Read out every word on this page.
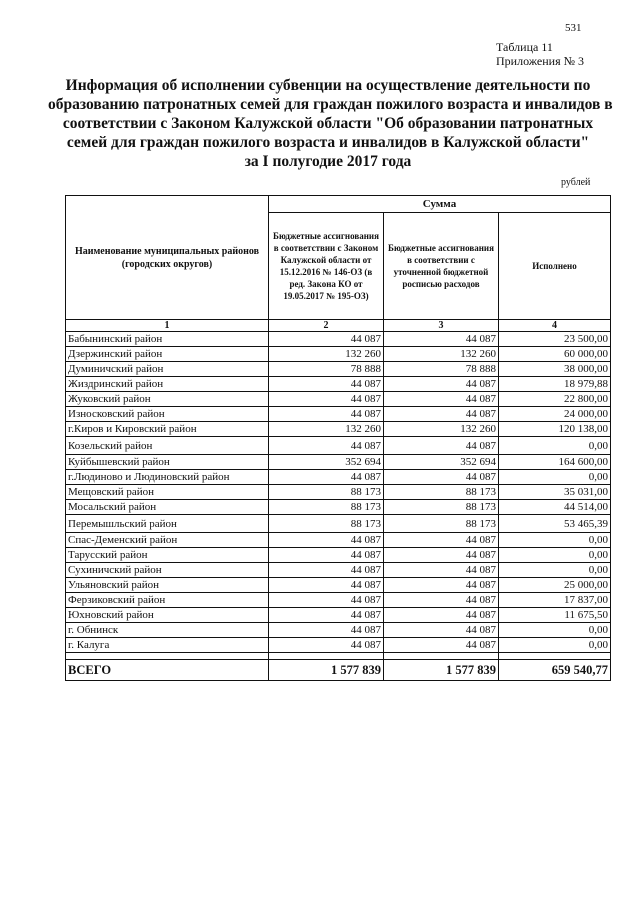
531
Таблица 11
Приложения № 3
Информация об исполнении субвенции на осуществление деятельности по
образованию патронатных семей для граждан пожилого возраста и инвалидов в
соответствии с Законом Калужской области "Об образовании патронатных
семей для граждан пожилого возраста и инвалидов в Калужской области"
за I полугодие 2017 года
рублей
Наименование муниципальных районов (городских округов)	Сумма		
	Бюджетные ассигнования в соответствии с Законом Калужской области от 15.12.2016 № 146-ОЗ (в ред. Закона КО от 19.05.2017 № 195-ОЗ)	Бюджетные ассигнования в соответствии с уточненной бюджетной росписью расходов	Исполнено
1	2	3	4
Бабынинский район	44 087	44 087	23 500,00
Дзержинский район	132 260	132 260	60 000,00
Думиничский район	78 888	78 888	38 000,00
Жиздринский район	44 087	44 087	18 979,88
Жуковский район	44 087	44 087	22 800,00
Износковский район	44 087	44 087	24 000,00
г.Киров и Кировский район	132 260	132 260	120 138,00
Козельский район	44 087	44 087	0,00
Куйбышевский район	352 694	352 694	164 600,00
г.Людиново и Людиновский район	44 087	44 087	0,00
Мещовский район	88 173	88 173	35 031,00
Мосальский район	88 173	88 173	44 514,00
Перемышльский район	88 173	88 173	53 465,39
Спас-Деменский район	44 087	44 087	0,00
Тарусский район	44 087	44 087	0,00
Сухиничский район	44 087	44 087	0,00
Ульяновский район	44 087	44 087	25 000,00
Ферзиковский район	44 087	44 087	17 837,00
Юхновский район	44 087	44 087	11 675,50
г. Обнинск	44 087	44 087	0,00
г. Калуга	44 087	44 087	0,00

ВСЕГО	1 577 839	1 577 839	659 540,77
